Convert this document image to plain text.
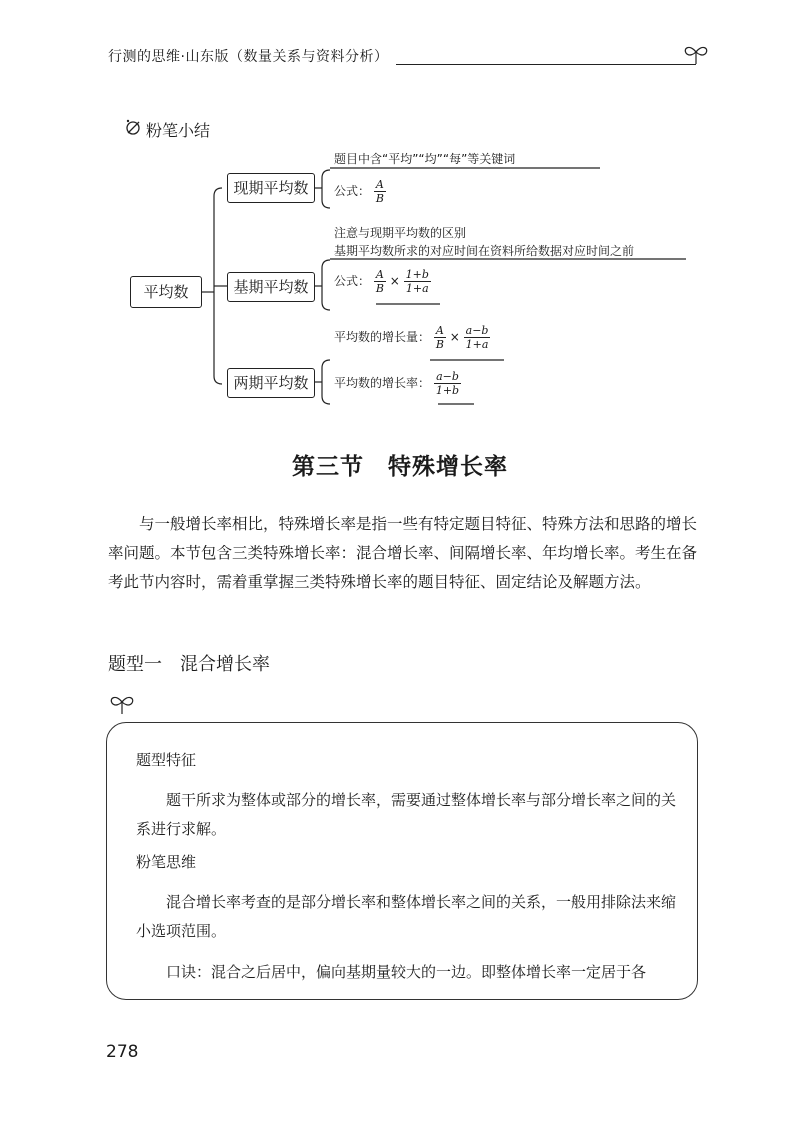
行测的思维·山东版（数量关系与资料分析）
粉笔小结
平均数
现期平均数
题目中含“平均”“均”“每”等关键词
公式： $\frac{A}{B}$
基期平均数
注意与现期平均数的区别
基期平均数所求的对应时间在资料所给数据对应时间之前
公式： $\frac{A}{B} \times \frac{1+b}{1+a}$
两期平均数
平均数的增长量： $\frac{A}{B} \times \frac{a-b}{1+a}$
平均数的增长率： $\frac{a-b}{1+b}$
第三节　特殊增长率
与一般增长率相比，特殊增长率是指一些有特定题目特征、特殊方法和思路的增长率问题。本节包含三类特殊增长率：混合增长率、间隔增长率、年均增长率。考生在备考此节内容时，需着重掌握三类特殊增长率的题目特征、固定结论及解题方法。
题型一　混合增长率
题型特征
题干所求为整体或部分的增长率，需要通过整体增长率与部分增长率之间的关系进行求解。
粉笔思维
混合增长率考查的是部分增长率和整体增长率之间的关系，一般用排除法来缩小选项范围。
口诀：混合之后居中，偏向基期量较大的一边。即整体增长率一定居于各
278
